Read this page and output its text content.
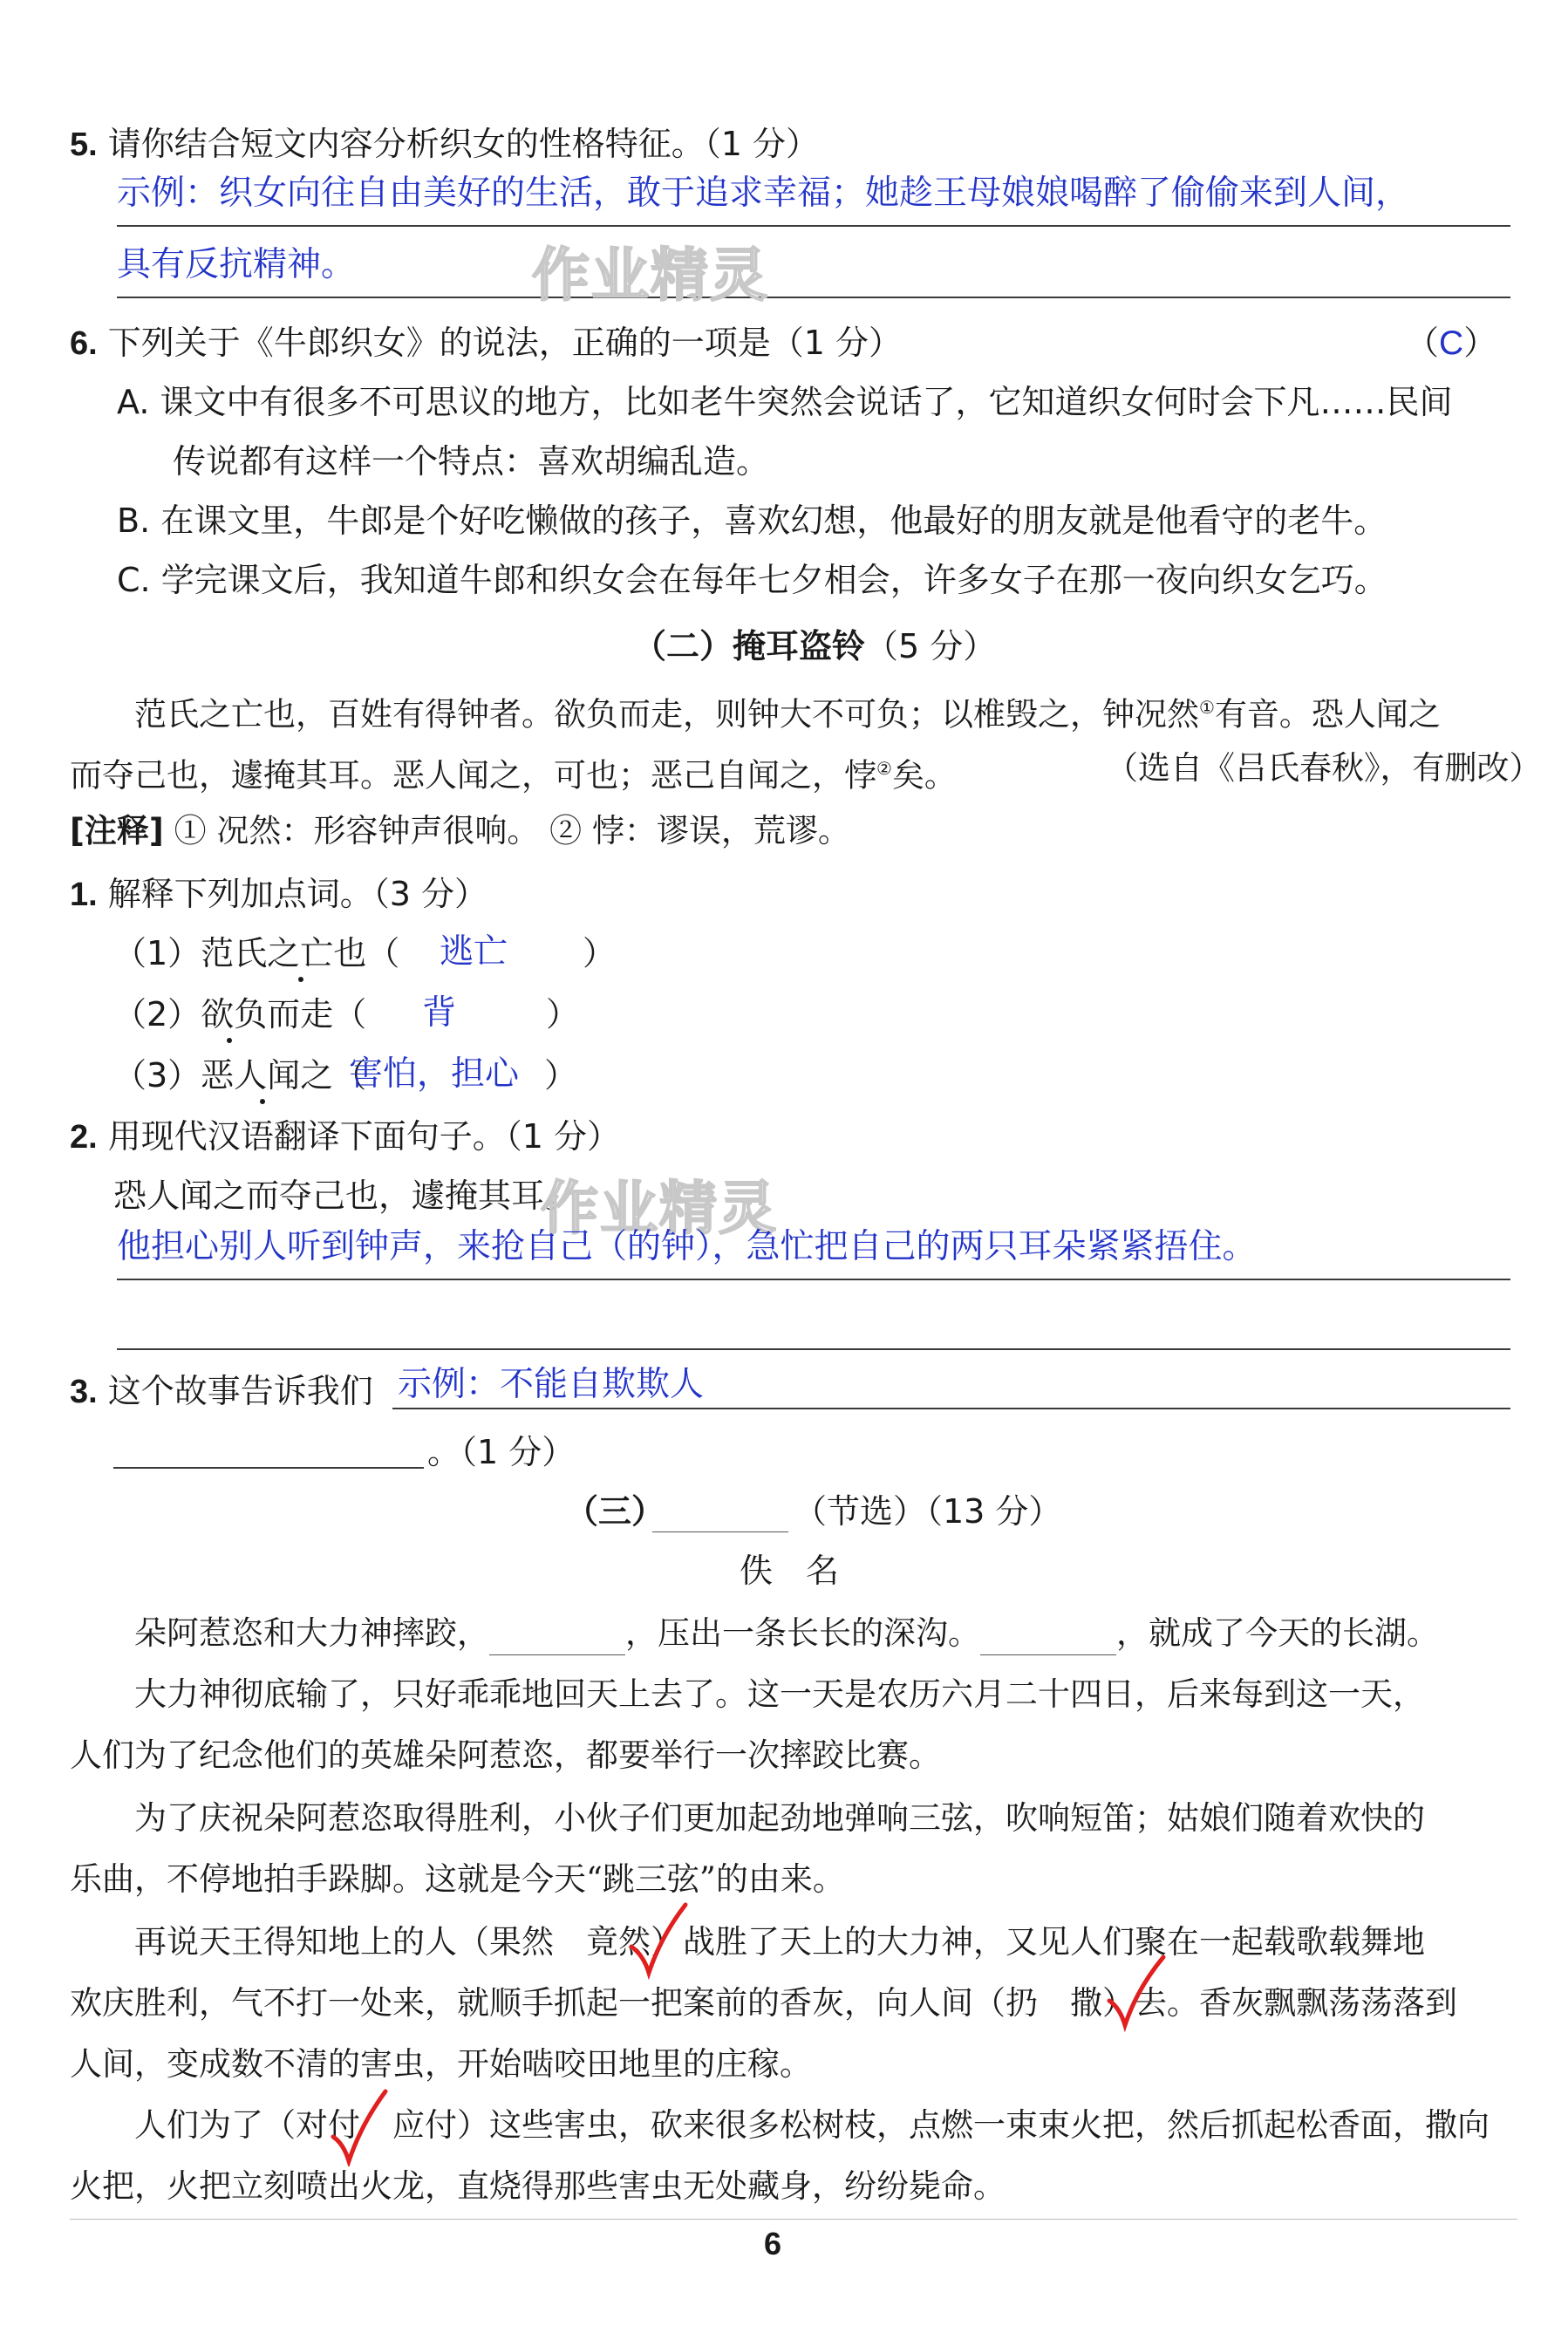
5. 请你结合短文内容分析织女的性格特征。（1 分）
示例：织女向往自由美好的生活，敢于追求幸福；她趁王母娘娘喝醉了偷偷来到人间，
具有反抗精神。	作业精灵
6. 下列关于《牛郎织女》的说法，正确的一项是（1 分）	（C）
A. 课文中有很多不可思议的地方，比如老牛突然会说话了，它知道织女何时会下凡……民间
传说都有这样一个特点：喜欢胡编乱造。
B. 在课文里，牛郎是个好吃懒做的孩子，喜欢幻想，他最好的朋友就是他看守的老牛。
C. 学完课文后，我知道牛郎和织女会在每年七夕相会，许多女子在那一夜向织女乞巧。
（二）掩耳盗铃（5 分）
范氏之亡也，百姓有得钟者。欲负而走，则钟大不可负；以椎毁之，钟况然①有音。恐人闻之
而夺己也，遽掩其耳。恶人闻之，可也；恶己自闻之，悖②矣。	（选自《吕氏春秋》，有删改）
[注释] ① 况然：形容钟声很响。 ② 悖：谬误，荒谬。
1. 解释下列加点词。（3 分）
（1）范氏之亡也（ 逃亡 ）
（2）欲负而走（ 背	）
（3）恶人闻之（
害怕，担心 ）
2. 用现代汉语翻译下面句子。（1 分）
恐人闻之而夺己也，遽掩其耳。
作业精灵
他担心别人听到钟声，来抢自己（的钟），急忙把自己的两只耳朵紧紧捂住。
3. 这个故事告诉我们 示例：不能自欺欺人
。（1 分）
（三）	（节选）（13 分）
佚　名
朵阿惹恣和大力神摔跤，	，压出一条长长的深沟。	，就成了今天的长湖。
大力神彻底输了，只好乖乖地回天上去了。这一天是农历六月二十四日，后来每到这一天，
人们为了纪念他们的英雄朵阿惹恣，都要举行一次摔跤比赛。
为了庆祝朵阿惹恣取得胜利，小伙子们更加起劲地弹响三弦，吹响短笛；姑娘们随着欢快的
乐曲，不停地拍手跺脚。这就是今天“跳三弦”的由来。
再说天王得知地上的人（果然　竟然）战胜了天上的大力神，又见人们聚在一起载歌载舞地
欢庆胜利，气不打一处来，就顺手抓起一把案前的香灰，向人间（扔　撒）去。香灰飘飘荡荡落到
人间，变成数不清的害虫，开始啮咬田地里的庄稼。
人们为了（对付　应付）这些害虫，砍来很多松树枝，点燃一束束火把，然后抓起松香面，撒向
火把，火把立刻喷出火龙，直烧得那些害虫无处藏身，纷纷毙命。
6
